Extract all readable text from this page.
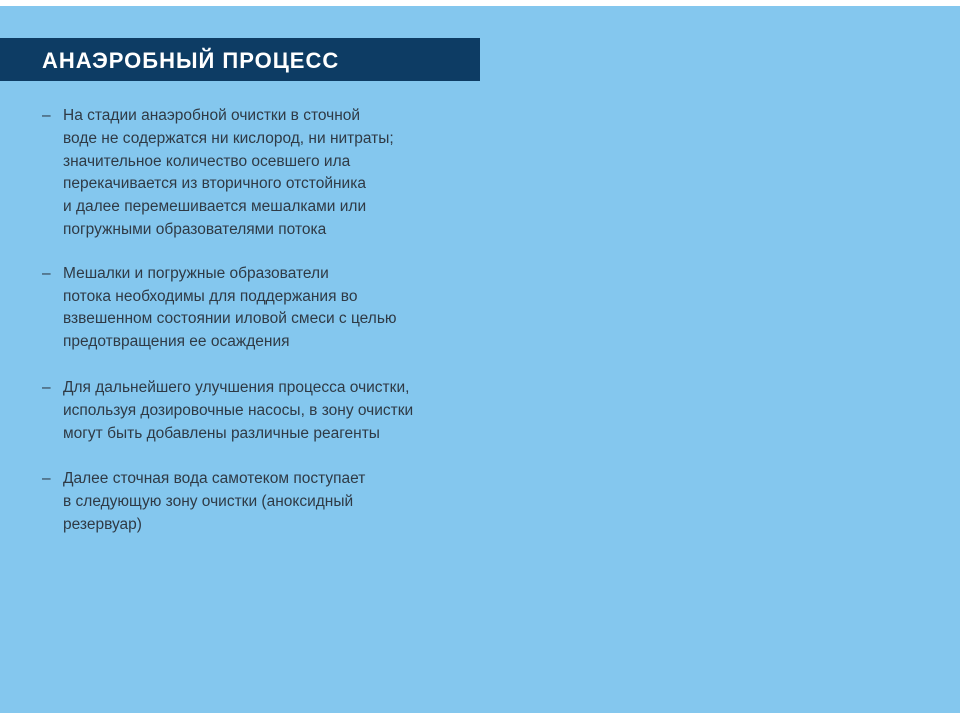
АНАЭРОБНЫЙ ПРОЦЕСС
– На стадии анаэробной очистки в сточной
воде не содержатся ни кислород, ни нитраты;
значительное количество осевшего ила
перекачивается из вторичного отстойника
и далее перемешивается мешалками или
погружными образователями потока
– Мешалки и погружные образователи
потока необходимы для поддержания во
взвешенном состоянии иловой смеси с целью
предотвращения ее осаждения
– Для дальнейшего улучшения процесса очистки,
используя дозировочные насосы, в зону очистки
могут быть добавлены различные реагенты
– Далее сточная вода самотеком поступает
в следующую зону очистки (аноксидный
резервуар)
